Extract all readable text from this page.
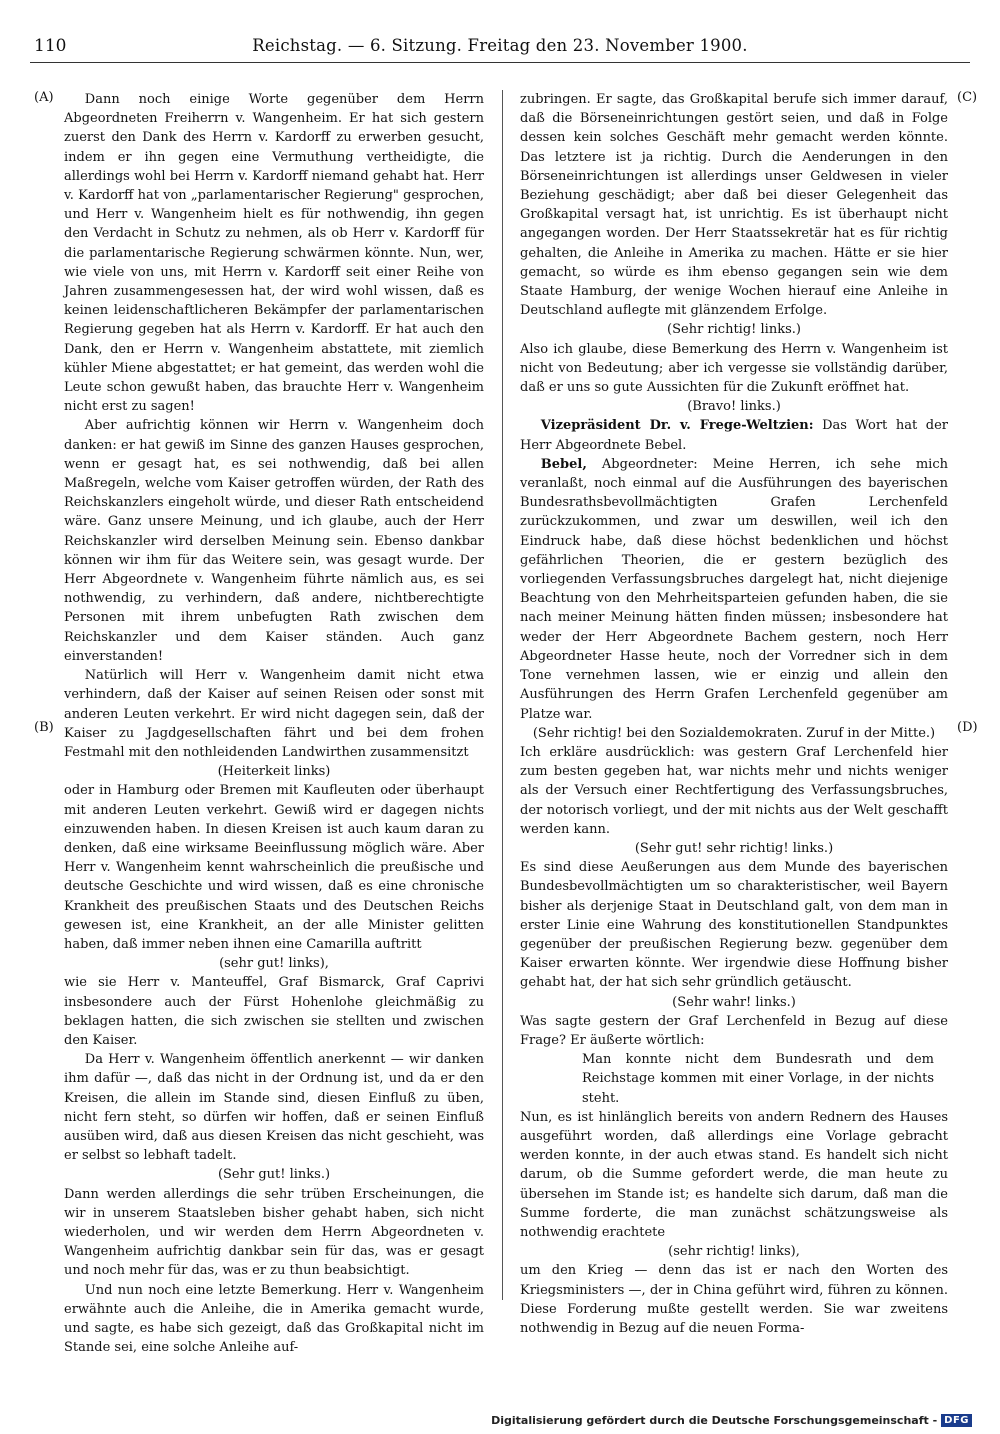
110	Reichstag. — 6. Sitzung. Freitag den 23. November 1900.
(A)
(B)
(C)
(D)

Dann noch einige Worte gegenüber dem Herrn Abgeordneten Freiherrn v. Wangenheim. Er hat sich gestern zuerst den Dank des Herrn v. Kardorff zu erwerben gesucht, indem er ihn gegen eine Vermuthung vertheidigte, die allerdings wohl bei Herrn v. Kardorff niemand gehabt hat. Herr v. Kardorff hat von „parlamentarischer Regierung" gesprochen, und Herr v. Wangenheim hielt es für nothwendig, ihn gegen den Verdacht in Schutz zu nehmen, als ob Herr v. Kardorff für die parlamentarische Regierung schwärmen könnte. Nun, wer, wie viele von uns, mit Herrn v. Kardorff seit einer Reihe von Jahren zusammengesessen hat, der wird wohl wissen, daß es keinen leidenschaftlicheren Bekämpfer der parlamentarischen Regierung gegeben hat als Herrn v. Kardorff. Er hat auch den Dank, den er Herrn v. Wangenheim abstattete, mit ziemlich kühler Miene abgestattet; er hat gemeint, das werden wohl die Leute schon gewußt haben, das brauchte Herr v. Wangenheim nicht erst zu sagen!

Aber aufrichtig können wir Herrn v. Wangenheim doch danken: er hat gewiß im Sinne des ganzen Hauses gesprochen, wenn er gesagt hat, es sei nothwendig, daß bei allen Maßregeln, welche vom Kaiser getroffen würden, der Rath des Reichskanzlers eingeholt würde, und dieser Rath entscheidend wäre. Ganz unsere Meinung, und ich glaube, auch der Herr Reichskanzler wird derselben Meinung sein. Ebenso dankbar können wir ihm für das Weitere sein, was gesagt wurde. Der Herr Abgeordnete v. Wangenheim führte nämlich aus, es sei nothwendig, zu verhindern, daß andere, nichtberechtigte Personen mit ihrem unbefugten Rath zwischen dem Reichskanzler und dem Kaiser ständen. Auch ganz einverstanden!

Natürlich will Herr v. Wangenheim damit nicht etwa verhindern, daß der Kaiser auf seinen Reisen oder sonst mit anderen Leuten verkehrt. Er wird nicht dagegen sein, daß der Kaiser zu Jagdgesellschaften fährt und bei dem frohen Festmahl mit den nothleidenden Landwirthen zusammensitzt

(Heiterkeit links)

oder in Hamburg oder Bremen mit Kaufleuten oder überhaupt mit anderen Leuten verkehrt. Gewiß wird er dagegen nichts einzuwenden haben. In diesen Kreisen ist auch kaum daran zu denken, daß eine wirksame Beeinflussung möglich wäre. Aber Herr v. Wangenheim kennt wahrscheinlich die preußische und deutsche Geschichte und wird wissen, daß es eine chronische Krankheit des preußischen Staats und des Deutschen Reichs gewesen ist, eine Krankheit, an der alle Minister gelitten haben, daß immer neben ihnen eine Camarilla auftritt

(sehr gut! links),

wie sie Herr v. Manteuffel, Graf Bismarck, Graf Caprivi insbesondere auch der Fürst Hohenlohe gleichmäßig zu beklagen hatten, die sich zwischen sie stellten und zwischen den Kaiser.

Da Herr v. Wangenheim öffentlich anerkennt — wir danken ihm dafür —, daß das nicht in der Ordnung ist, und da er den Kreisen, die allein im Stande sind, diesen Einfluß zu üben, nicht fern steht, so dürfen wir hoffen, daß er seinen Einfluß ausüben wird, daß aus diesen Kreisen das nicht geschieht, was er selbst so lebhaft tadelt.

(Sehr gut! links.)

Dann werden allerdings die sehr trüben Erscheinungen, die wir in unserem Staatsleben bisher gehabt haben, sich nicht wiederholen, und wir werden dem Herrn Abgeordneten v. Wangenheim aufrichtig dankbar sein für das, was er gesagt und noch mehr für das, was er zu thun beabsichtigt.

Und nun noch eine letzte Bemerkung. Herr v. Wangenheim erwähnte auch die Anleihe, die in Amerika gemacht wurde, und sagte, es habe sich gezeigt, daß das Großkapital nicht im Stande sei, eine solche Anleihe auf-

zubringen. Er sagte, das Großkapital berufe sich immer darauf, daß die Börseneinrichtungen gestört seien, und daß in Folge dessen kein solches Geschäft mehr gemacht werden könnte. Das letztere ist ja richtig. Durch die Aenderungen in den Börseneinrichtungen ist allerdings unser Geldwesen in vieler Beziehung geschädigt; aber daß bei dieser Gelegenheit das Großkapital versagt hat, ist unrichtig. Es ist überhaupt nicht angegangen worden. Der Herr Staatssekretär hat es für richtig gehalten, die Anleihe in Amerika zu machen. Hätte er sie hier gemacht, so würde es ihm ebenso gegangen sein wie dem Staate Hamburg, der wenige Wochen hierauf eine Anleihe in Deutschland auflegte mit glänzendem Erfolge.

(Sehr richtig! links.)

Also ich glaube, diese Bemerkung des Herrn v. Wangenheim ist nicht von Bedeutung; aber ich vergesse sie vollständig darüber, daß er uns so gute Aussichten für die Zukunft eröffnet hat.

(Bravo! links.)

Vizepräsident Dr. v. Frege-Weltzien: Das Wort hat der Herr Abgeordnete Bebel.

Bebel, Abgeordneter: Meine Herren, ich sehe mich veranlaßt, noch einmal auf die Ausführungen des bayerischen Bundesrathsbevollmächtigten Grafen Lerchenfeld zurückzukommen, und zwar um deswillen, weil ich den Eindruck habe, daß diese höchst bedenklichen und höchst gefährlichen Theorien, die er gestern bezüglich des vorliegenden Verfassungsbruches dargelegt hat, nicht diejenige Beachtung von den Mehrheitsparteien gefunden haben, die sie nach meiner Meinung hätten finden müssen; insbesondere hat weder der Herr Abgeordnete Bachem gestern, noch Herr Abgeordneter Hasse heute, noch der Vorredner sich in dem Tone vernehmen lassen, wie er einzig und allein den Ausführungen des Herrn Grafen Lerchenfeld gegenüber am Platze war.

(Sehr richtig! bei den Sozialdemokraten. Zuruf in der Mitte.)

Ich erkläre ausdrücklich: was gestern Graf Lerchenfeld hier zum besten gegeben hat, war nichts mehr und nichts weniger als der Versuch einer Rechtfertigung des Verfassungsbruches, der notorisch vorliegt, und der mit nichts aus der Welt geschafft werden kann.

(Sehr gut! sehr richtig! links.)

Es sind diese Aeußerungen aus dem Munde des bayerischen Bundesbevollmächtigten um so charakteristischer, weil Bayern bisher als derjenige Staat in Deutschland galt, von dem man in erster Linie eine Wahrung des konstitutionellen Standpunktes gegenüber der preußischen Regierung bezw. gegenüber dem Kaiser erwarten könnte. Wer irgendwie diese Hoffnung bisher gehabt hat, der hat sich sehr gründlich getäuscht.

(Sehr wahr! links.)

Was sagte gestern der Graf Lerchenfeld in Bezug auf diese Frage? Er äußerte wörtlich:

Man konnte nicht dem Bundesrath und dem Reichstage kommen mit einer Vorlage, in der nichts steht.

Nun, es ist hinlänglich bereits von andern Rednern des Hauses ausgeführt worden, daß allerdings eine Vorlage gebracht werden konnte, in der auch etwas stand. Es handelt sich nicht darum, ob die Summe gefordert werde, die man heute zu übersehen im Stande ist; es handelte sich darum, daß man die Summe forderte, die man zunächst schätzungsweise als nothwendig erachtete

(sehr richtig! links),

um den Krieg — denn das ist er nach den Worten des Kriegsministers —, der in China geführt wird, führen zu können. Diese Forderung mußte gestellt werden. Sie war zweitens nothwendig in Bezug auf die neuen Forma-

Digitalisierung gefördert durch die Deutsche Forschungsgemeinschaft - DFG
